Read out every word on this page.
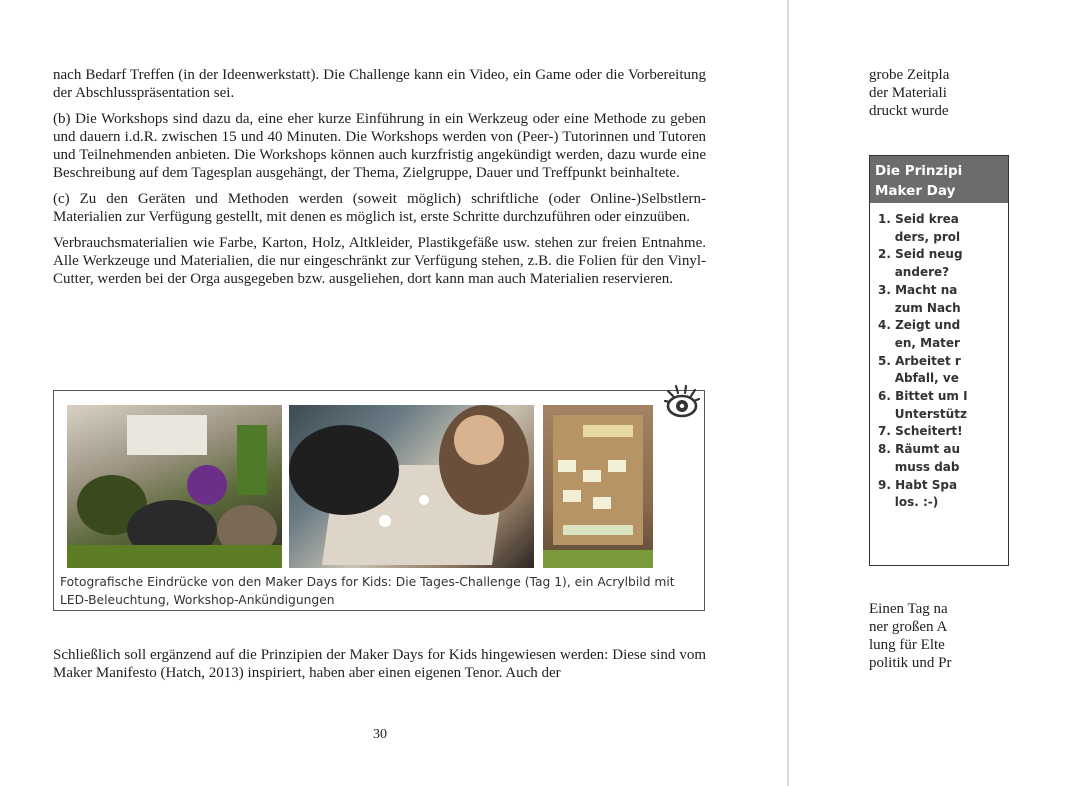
nach Bedarf Treffen (in der Ideenwerkstatt). Die Challenge kann ein Video, ein Game oder die Vorbereitung der Abschlusspräsentation sei.

(b) Die Workshops sind dazu da, eine eher kurze Einführung in ein Werkzeug oder eine Methode zu geben und dauern i.d.R. zwischen 15 und 40 Minuten. Die Workshops werden von (Peer-) Tutorinnen und Tutoren und Teilnehmenden anbieten. Die Workshops können auch kurzfristig angekündigt werden, dazu wurde eine Beschreibung auf dem Tagesplan ausgehängt, der Thema, Zielgruppe, Dauer und Treffpunkt beinhaltete.

(c) Zu den Geräten und Methoden werden (soweit möglich) schriftliche (oder Online-)Selbstlern-Materialien zur Verfügung gestellt, mit denen es möglich ist, erste Schritte durchzuführen oder einzuüben.

Verbrauchsmaterialien wie Farbe, Karton, Holz, Altkleider, Plastikgefäße usw. stehen zur freien Entnahme. Alle Werkzeuge und Materialien, die nur eingeschränkt zur Verfügung stehen, z.B. die Folien für den Vinyl-Cutter, werden bei der Orga ausgegeben bzw. ausgeliehen, dort kann man auch Materialien reservieren.

Fotografische Eindrücke von den Maker Days for Kids: Die Tages-Challenge (Tag 1), ein Acrylbild mit LED-Beleuchtung, Workshop-Ankündigungen

Schließlich soll ergänzend auf die Prinzipien der Maker Days for Kids hingewiesen werden: Diese sind vom Maker Manifesto (Hatch, 2013) inspiriert, haben aber einen eigenen Tenor. Auch der

30

grobe Zeitpla

der Materiali

druckt wurde

Die Prinzipi
Maker Day
1. Seid krea
ders, prol
2. Seid neug
andere?
3. Macht na
zum Nach
4. Zeigt und
en, Mater
5. Arbeitet r
Abfall, ve
6. Bittet um I
Unterstütz
7. Scheitert!
8. Räumt au
muss dab
9. Habt Spa
los. :-)

Einen Tag na

ner großen A

lung für Elte

politik und Pr
